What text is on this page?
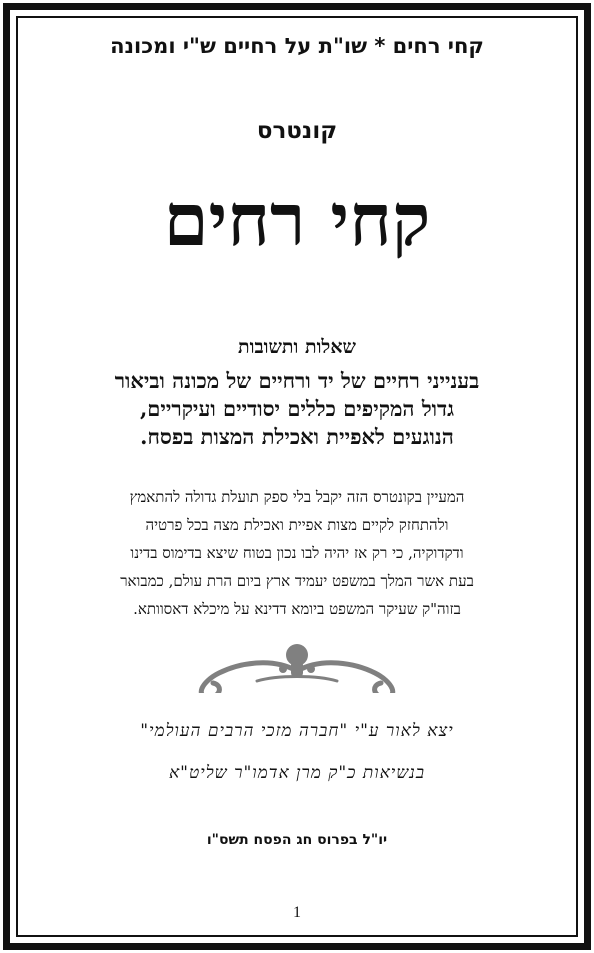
קחי רחים * שו"ת על רחיים ש"י ומכונה
קונטרס
קחי רחים
שאלות ותשובות
בענייני רחיים של יד ורחיים של מכונה וביאור
גדול המקיפים כללים יסודיים ועיקריים,
הנוגעים לאפיית ואכילת המצות בפסח.
המעיין בקונטרס הזה יקבל בלי ספק תועלת גדולה להתאמץ
ולהתחזק לקיים מצות אפיית ואכילת מצה בכל פרטיה
ודקדוקיה, כי רק אז יהיה לבו נכון בטוח שיצא בדימוס בדינו
בעת אשר המלך במשפט יעמיד ארץ ביום הרת עולם, כמבואר
בזוה"ק שעיקר המשפט ביומא דדינא על מיכלא דאסוותא.
יצא לאור ע"י "חברה מזכי הרבים העולמי"
בנשיאות כ"ק מרן אדמו"ר שליט"א
יו"ל בפרוס חג הפסח תשס"ו
1
